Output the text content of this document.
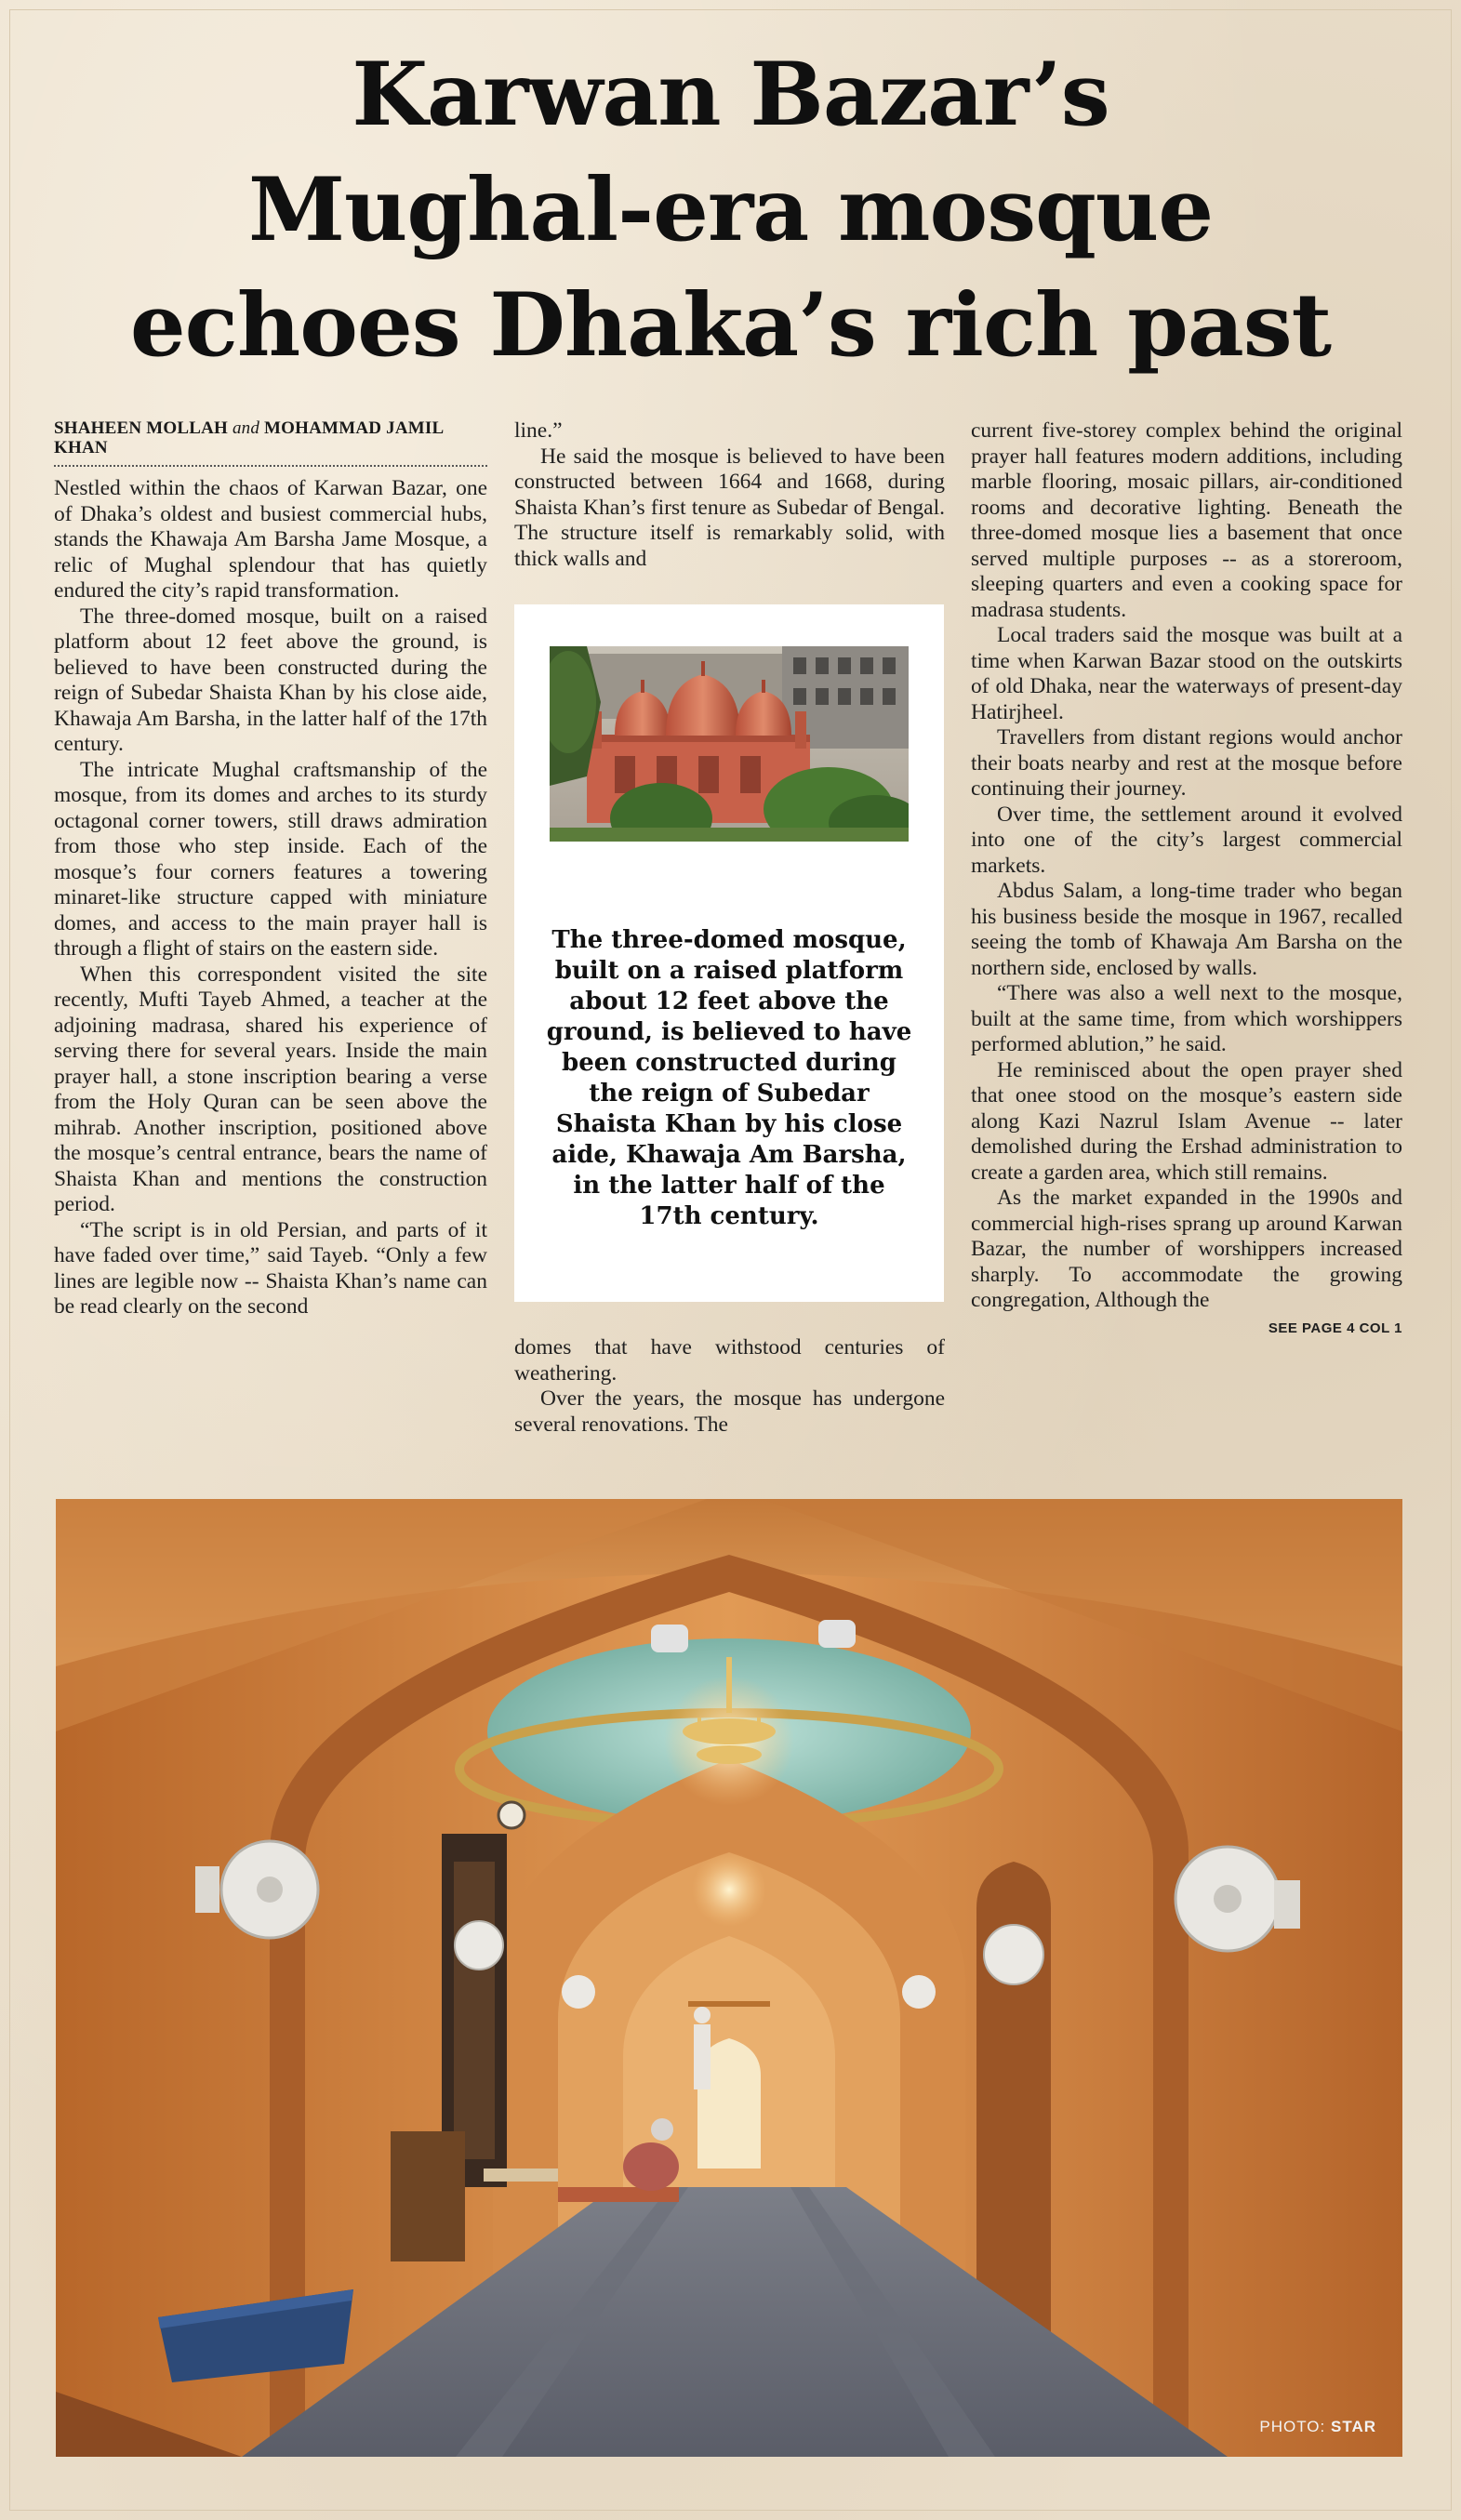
Karwan Bazar’s
Mughal-era mosque
echoes Dhaka’s rich past
SHAHEEN MOLLAH and MOHAMMAD JAMIL KHAN

Nestled within the chaos of Karwan Bazar, one of Dhaka’s oldest and busiest commercial hubs, stands the Khawaja Am Barsha Jame Mosque, a relic of Mughal splendour that has quietly endured the city’s rapid transformation.

The three-domed mosque, built on a raised platform about 12 feet above the ground, is believed to have been constructed during the reign of Subedar Shaista Khan by his close aide, Khawaja Am Barsha, in the latter half of the 17th century.

The intricate Mughal craftsmanship of the mosque, from its domes and arches to its sturdy octagonal corner towers, still draws admiration from those who step inside. Each of the mosque’s four corners features a towering minaret-like structure capped with miniature domes, and access to the main prayer hall is through a flight of stairs on the eastern side.

When this correspondent visited the site recently, Mufti Tayeb Ahmed, a teacher at the adjoining madrasa, shared his experience of serving there for several years. Inside the main prayer hall, a stone inscription bearing a verse from the Holy Quran can be seen above the mihrab. Another inscription, positioned above the mosque’s central entrance, bears the name of Shaista Khan and mentions the construction period.

“The script is in old Persian, and parts of it have faded over time,” said Tayeb. “Only a few lines are legible now -- Shaista Khan’s name can be read clearly on the second

line.”

He said the mosque is believed to have been constructed between 1664 and 1668, during Shaista Khan’s first tenure as Subedar of Bengal. The structure itself is remarkably solid, with thick walls and

The three-domed mosque, built on a raised platform about 12 feet above the ground, is believed to have been constructed during the reign of Subedar Shaista Khan by his close aide, Khawaja Am Barsha, in the latter half of the 17th century.

domes that have withstood centuries of weathering.

Over the years, the mosque has undergone several renovations. The

current five-storey complex behind the original prayer hall features modern additions, including marble flooring, mosaic pillars, air-conditioned rooms and decorative lighting. Beneath the three-domed mosque lies a basement that once served multiple purposes -- as a storeroom, sleeping quarters and even a cooking space for madrasa students.

Local traders said the mosque was built at a time when Karwan Bazar stood on the outskirts of old Dhaka, near the waterways of present-day Hatirjheel.

Travellers from distant regions would anchor their boats nearby and rest at the mosque before continuing their journey.

Over time, the settlement around it evolved into one of the city’s largest commercial markets.

Abdus Salam, a long-time trader who began his business beside the mosque in 1967, recalled seeing the tomb of Khawaja Am Barsha on the northern side, enclosed by walls.

“There was also a well next to the mosque, built at the same time, from which worshippers performed ablution,” he said.

He reminisced about the open prayer shed that onee stood on the mosque’s eastern side along Kazi Nazrul Islam Avenue -- later demolished during the Ershad administration to create a garden area, which still remains.

As the market expanded in the 1990s and commercial high-rises sprang up around Karwan Bazar, the number of worshippers increased sharply. To accommodate the growing congregation, Although the

SEE PAGE 4 COL 1
PHOTO: STAR
